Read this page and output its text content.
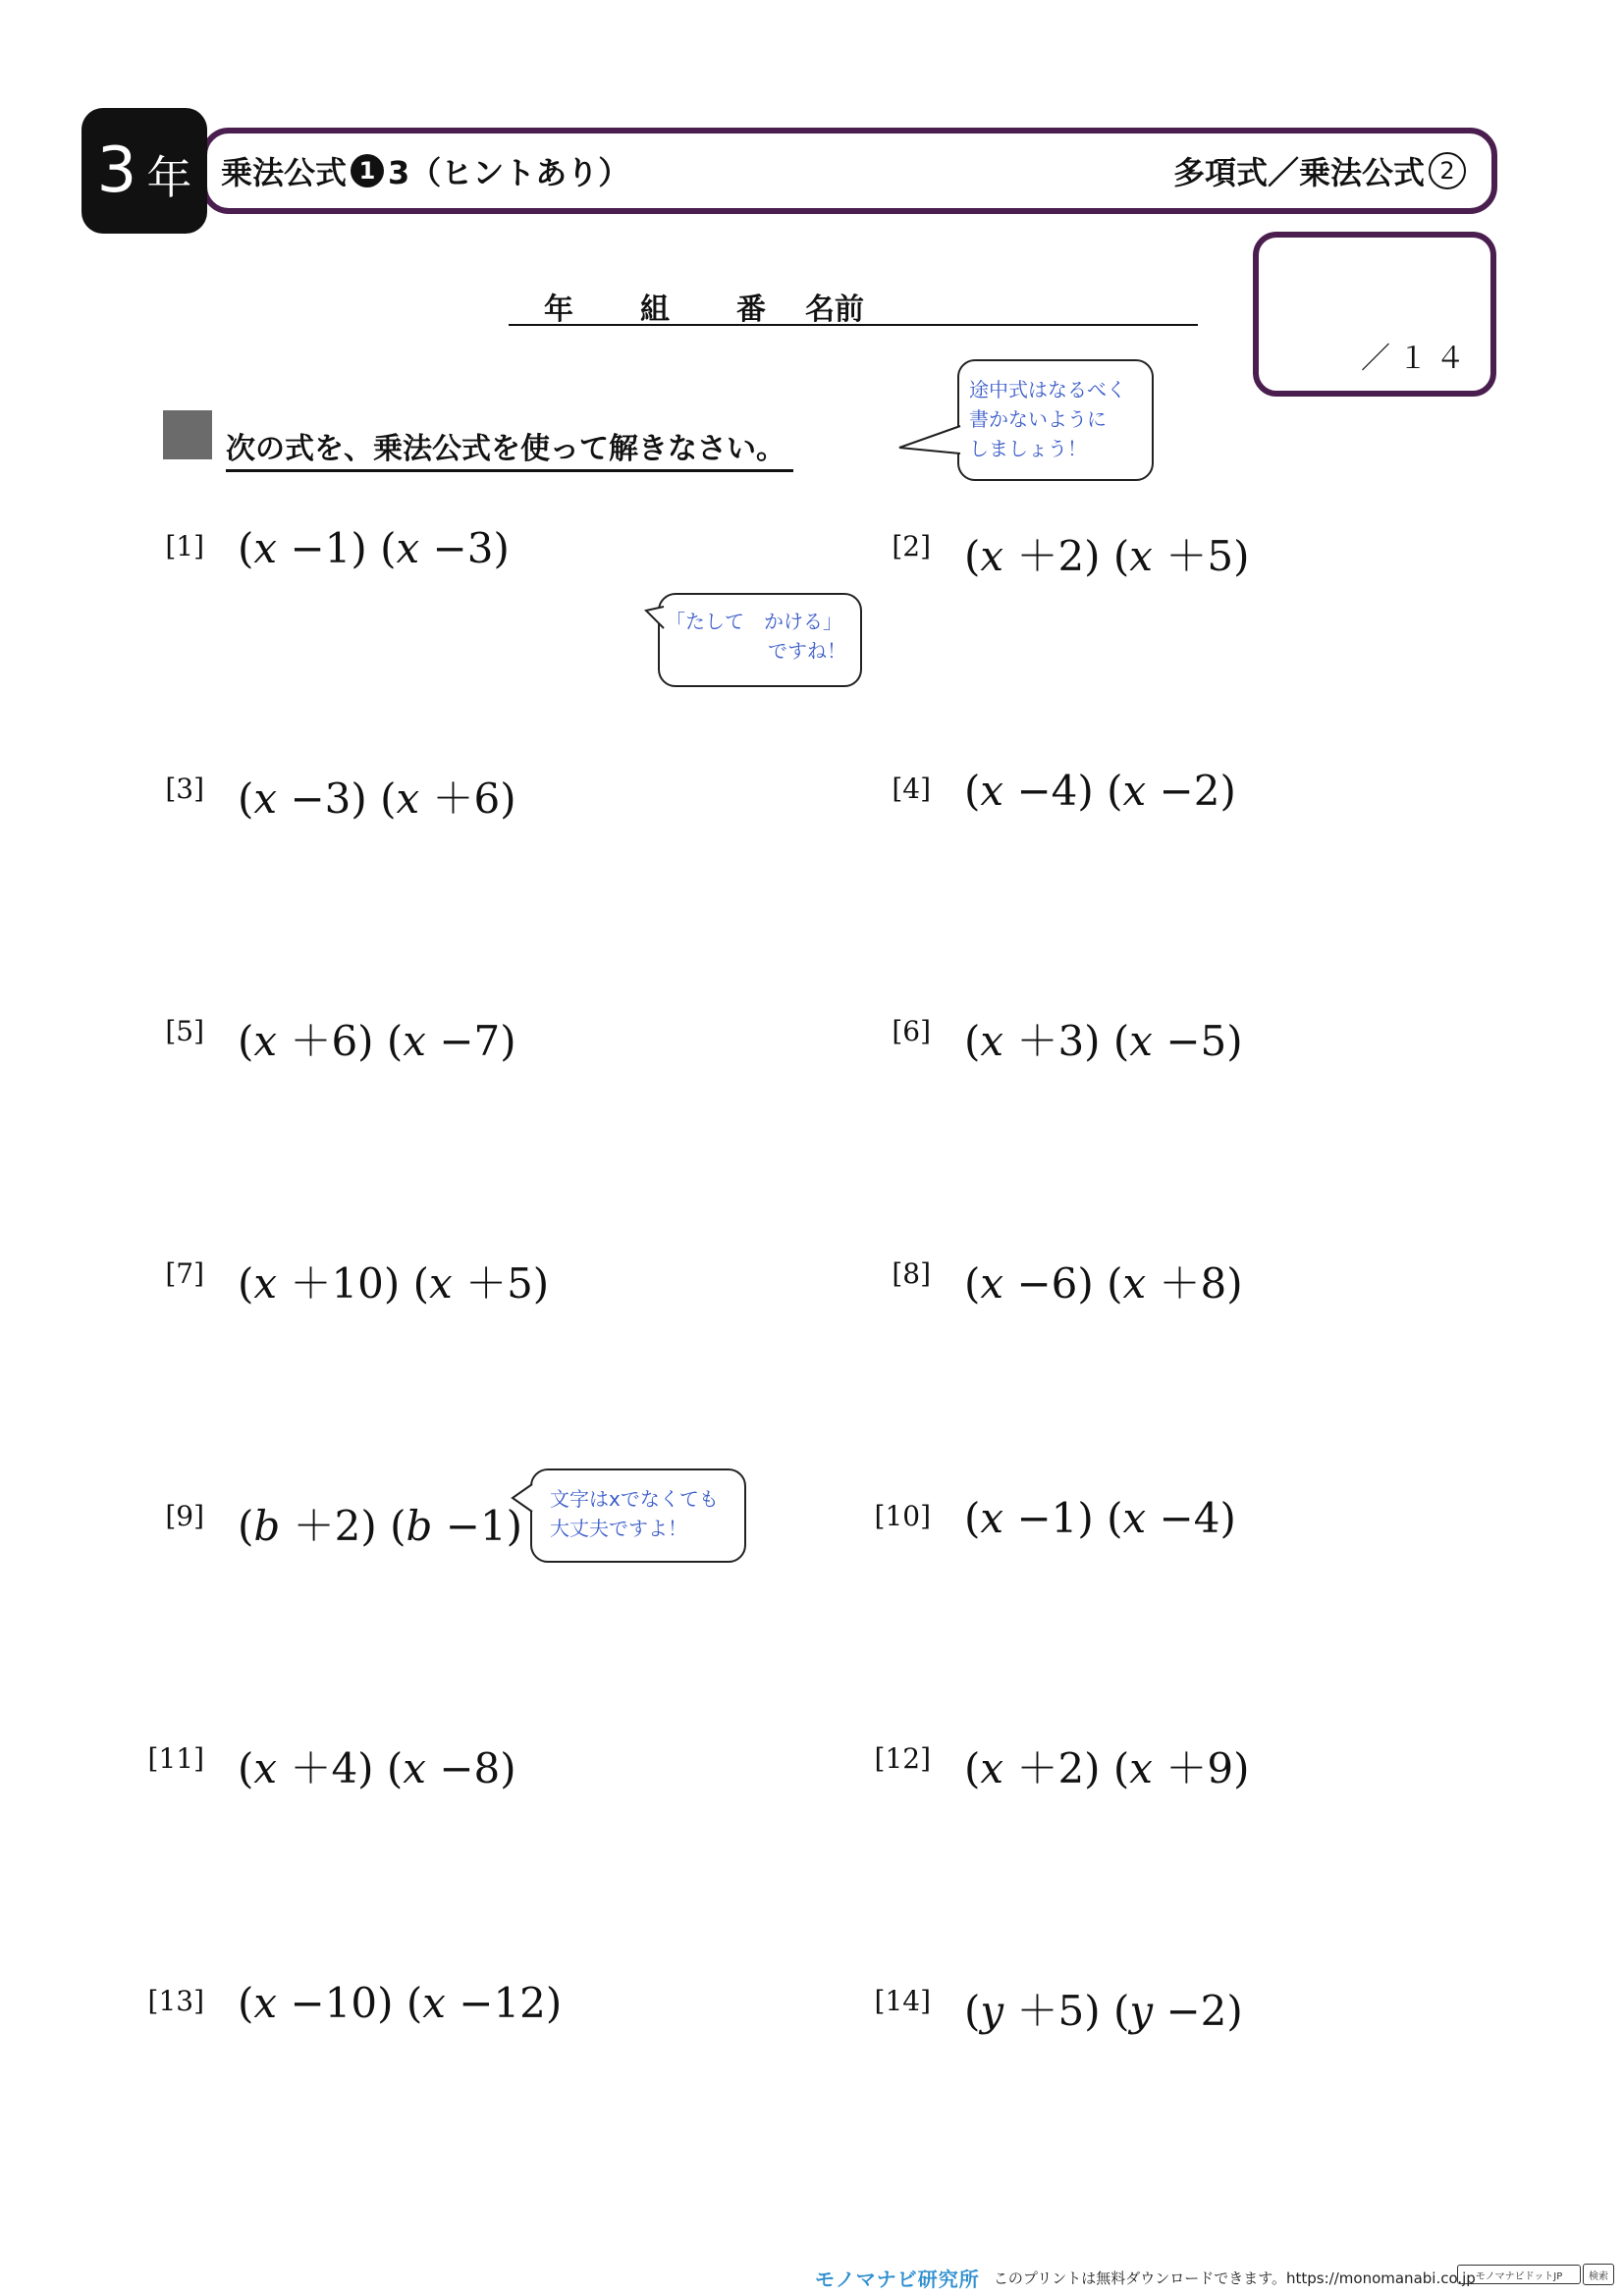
3 年 乗法公式 1 3（ヒントあり）	多項式／乗法公式 2
／１４
年 組 番 名前
次の式を、乗法公式を使って解きなさい。
途中式はなるべく
書かないように
しましょう！
「たして　かける」
ですね！
文字はxでなくても
大丈夫ですよ！
[1] (x −1) (x −3)
[3] (x −3) (x ＋6)
[5] (x ＋6) (x −7)
[7] (x ＋10) (x ＋5)
[9] (b ＋2) (b −1)
[11] (x ＋4) (x −8)
[13] (x −10) (x −12)
[2] (x ＋2) (x ＋5)
[4] (x −4) (x −2)
[6] (x ＋3) (x −5)
[8] (x −6) (x ＋8)
[10] (x −1) (x −4)
[12] (x ＋2) (x ＋9)
[14] (y ＋5) (y −2)
モノマナビ研究所 このプリントは無料ダウンロードできます。https://monomanabi.co.jp モノマナビドットJP	検索
